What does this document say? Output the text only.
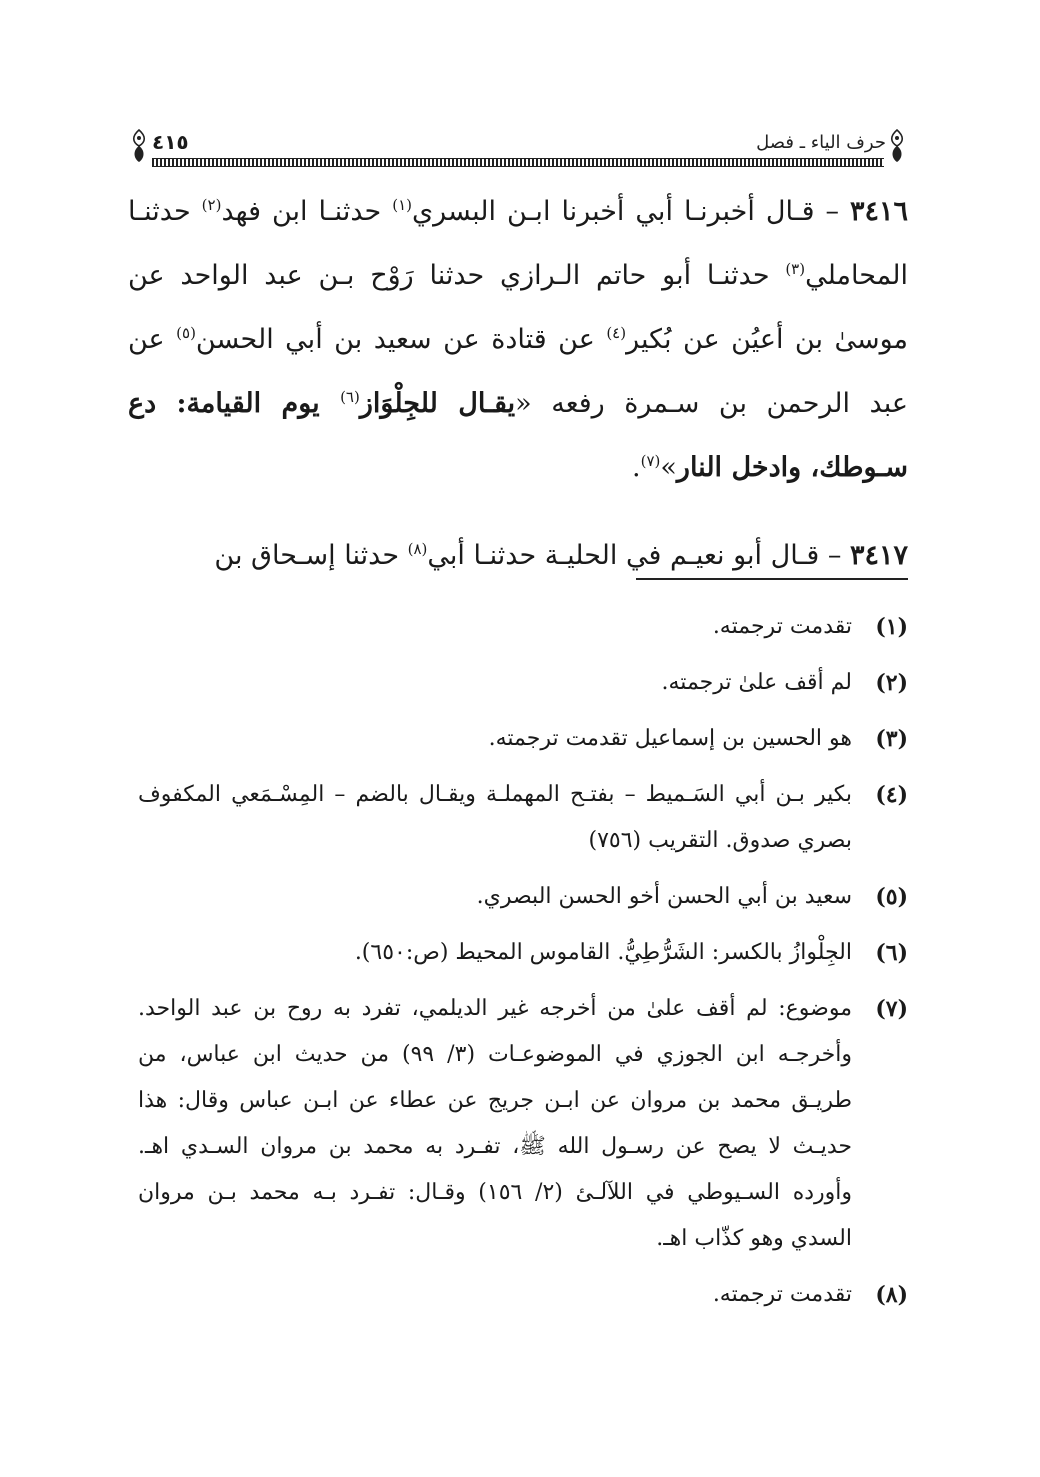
حرف الياء ـ فصل
٤١٥

٣٤١٦ – قـال أخبرنـا أبي أخبرنا ابـن البسري$^{(١)}$ حدثنـا ابن فهد$^{(٢)}$ حدثنـا المحاملي$^{(٣)}$ حدثنـا أبو حاتم الـرازي حدثنا رَوْح بـن عبد الواحد عن موسىٰ بن أعيُن عن بُكير$^{(٤)}$ عن قتادة عن سعيد بن أبي الحسن$^{(٥)}$ عن عبد الرحمن بن سـمرة رفعه «يقـال للجِلْوَاز$^{(٦)}$ يوم القيامة: دع سـوطك، وادخل النار»$^{(٧)}$.

٣٤١٧ – قـال أبو نعيـم في الحليـة حدثنـا أبي$^{(٨)}$ حدثنا إسـحاق بن

(١)
تقدمت ترجمته.
(٢)
لم أقف علىٰ ترجمته.
(٣)
هو الحسين بن إسماعيل تقدمت ترجمته.
(٤)
بكير بـن أبي السَـميط – بفتـح المهملـة ويقـال بالضم – المِسْـمَعي المكفوف بصري صدوق. التقريب (٧٥٦)
(٥)
سعيد بن أبي الحسن أخو الحسن البصري.
(٦)
الجِلْوازُ بالكسر: الشَرُّطِيُّ. القاموس المحيط (ص:٦٥٠).
(٧)
موضوع: لم أقف علىٰ من أخرجه غير الديلمي، تفرد به روح بن عبد الواحد. وأخرجـه ابن الجوزي في الموضوعـات (٣/ ٩٩) من حديث ابن عباس، من طريـق محمد بن مروان عن ابـن جريج عن عطاء عن ابـن عباس وقال: هذا حديـث لا يصح عن رسـول الله ﷺ، تفـرد به محمد بن مروان السـدي اهـ. وأورده السـيوطي في اللآلـئ (٢/ ١٥٦) وقـال: تفـرد بـه محمد بـن مروان السدي وهو كذّاب اهـ.
(٨)
تقدمت ترجمته.
